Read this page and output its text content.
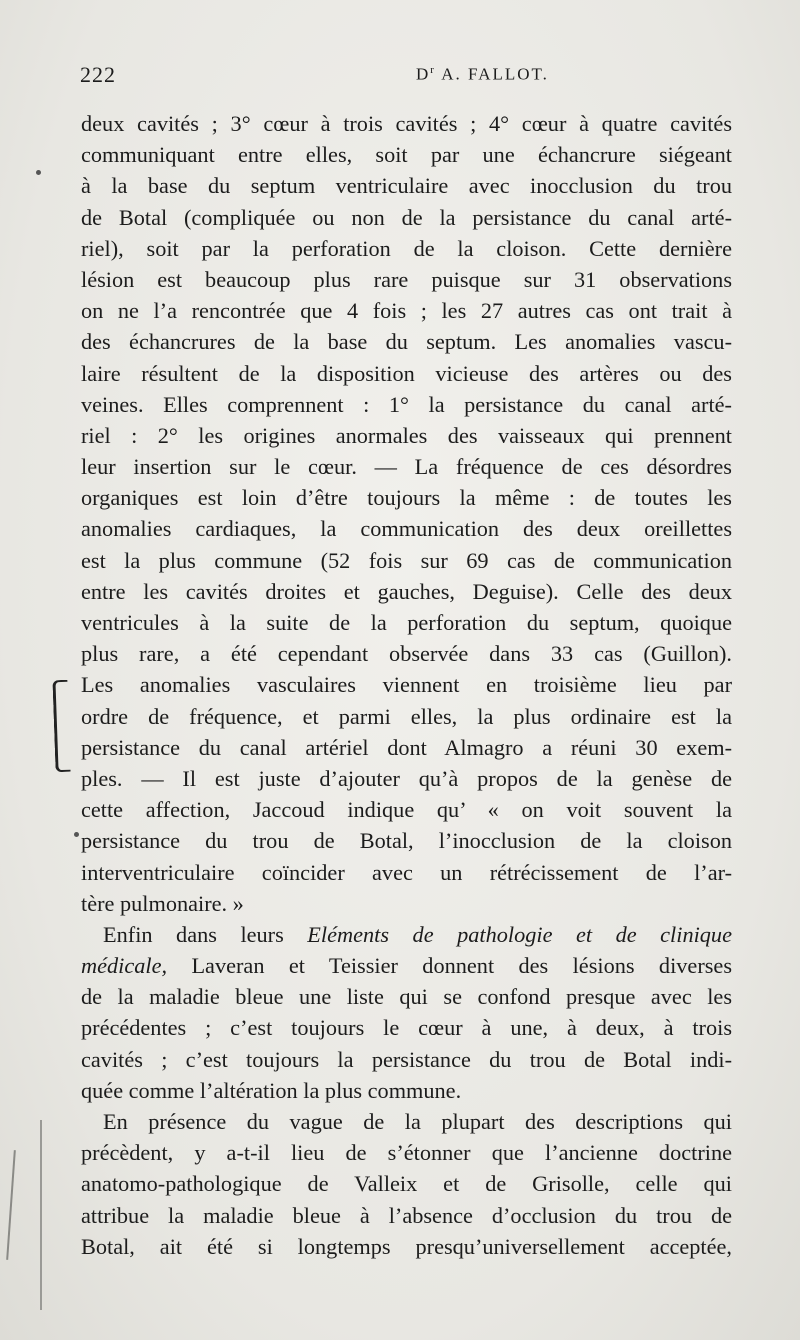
222	$D^r$ A. FALLOT.
deux cavités ; 3° cœur à trois cavités ; 4° cœur à quatre cavités
communiquant entre elles, soit par une échancrure siégeant
à la base du septum ventriculaire avec inocclusion du trou
de Botal (compliquée ou non de la persistance du canal arté-
riel), soit par la perforation de la cloison. Cette dernière
lésion est beaucoup plus rare puisque sur 31 observations
on ne l’a rencontrée que 4 fois ; les 27 autres cas ont trait à
des échancrures de la base du septum. Les anomalies vascu-
laire résultent de la disposition vicieuse des artères ou des
veines. Elles comprennent : 1° la persistance du canal arté-
riel : 2° les origines anormales des vaisseaux qui prennent
leur insertion sur le cœur. — La fréquence de ces désordres
organiques est loin d’être toujours la même : de toutes les
anomalies cardiaques, la communication des deux oreillettes
est la plus commune (52 fois sur 69 cas de communication
entre les cavités droites et gauches, Deguise). Celle des deux
ventricules à la suite de la perforation du septum, quoique
plus rare, a été cependant observée dans 33 cas (Guillon).
Les anomalies vasculaires viennent en troisième lieu par
ordre de fréquence, et parmi elles, la plus ordinaire est la
persistance du canal artériel dont Almagro a réuni 30 exem-
ples. — Il est juste d’ajouter qu’à propos de la genèse de
cette affection, Jaccoud indique qu’ « on voit souvent la
persistance du trou de Botal, l’inocclusion de la cloison
interventriculaire coïncider avec un rétrécissement de l’ar-
tère pulmonaire. »
Enfin dans leurs Eléments de pathologie et de clinique
médicale, Laveran et Teissier donnent des lésions diverses
de la maladie bleue une liste qui se confond presque avec les
précédentes ; c’est toujours le cœur à une, à deux, à trois
cavités ; c’est toujours la persistance du trou de Botal indi-
quée comme l’altération la plus commune.
En présence du vague de la plupart des descriptions qui
précèdent, y a-t-il lieu de s’étonner que l’ancienne doctrine
anatomo-pathologique de Valleix et de Grisolle, celle qui
attribue la maladie bleue à l’absence d’occlusion du trou de
Botal, ait été si longtemps presqu’universellement acceptée,
